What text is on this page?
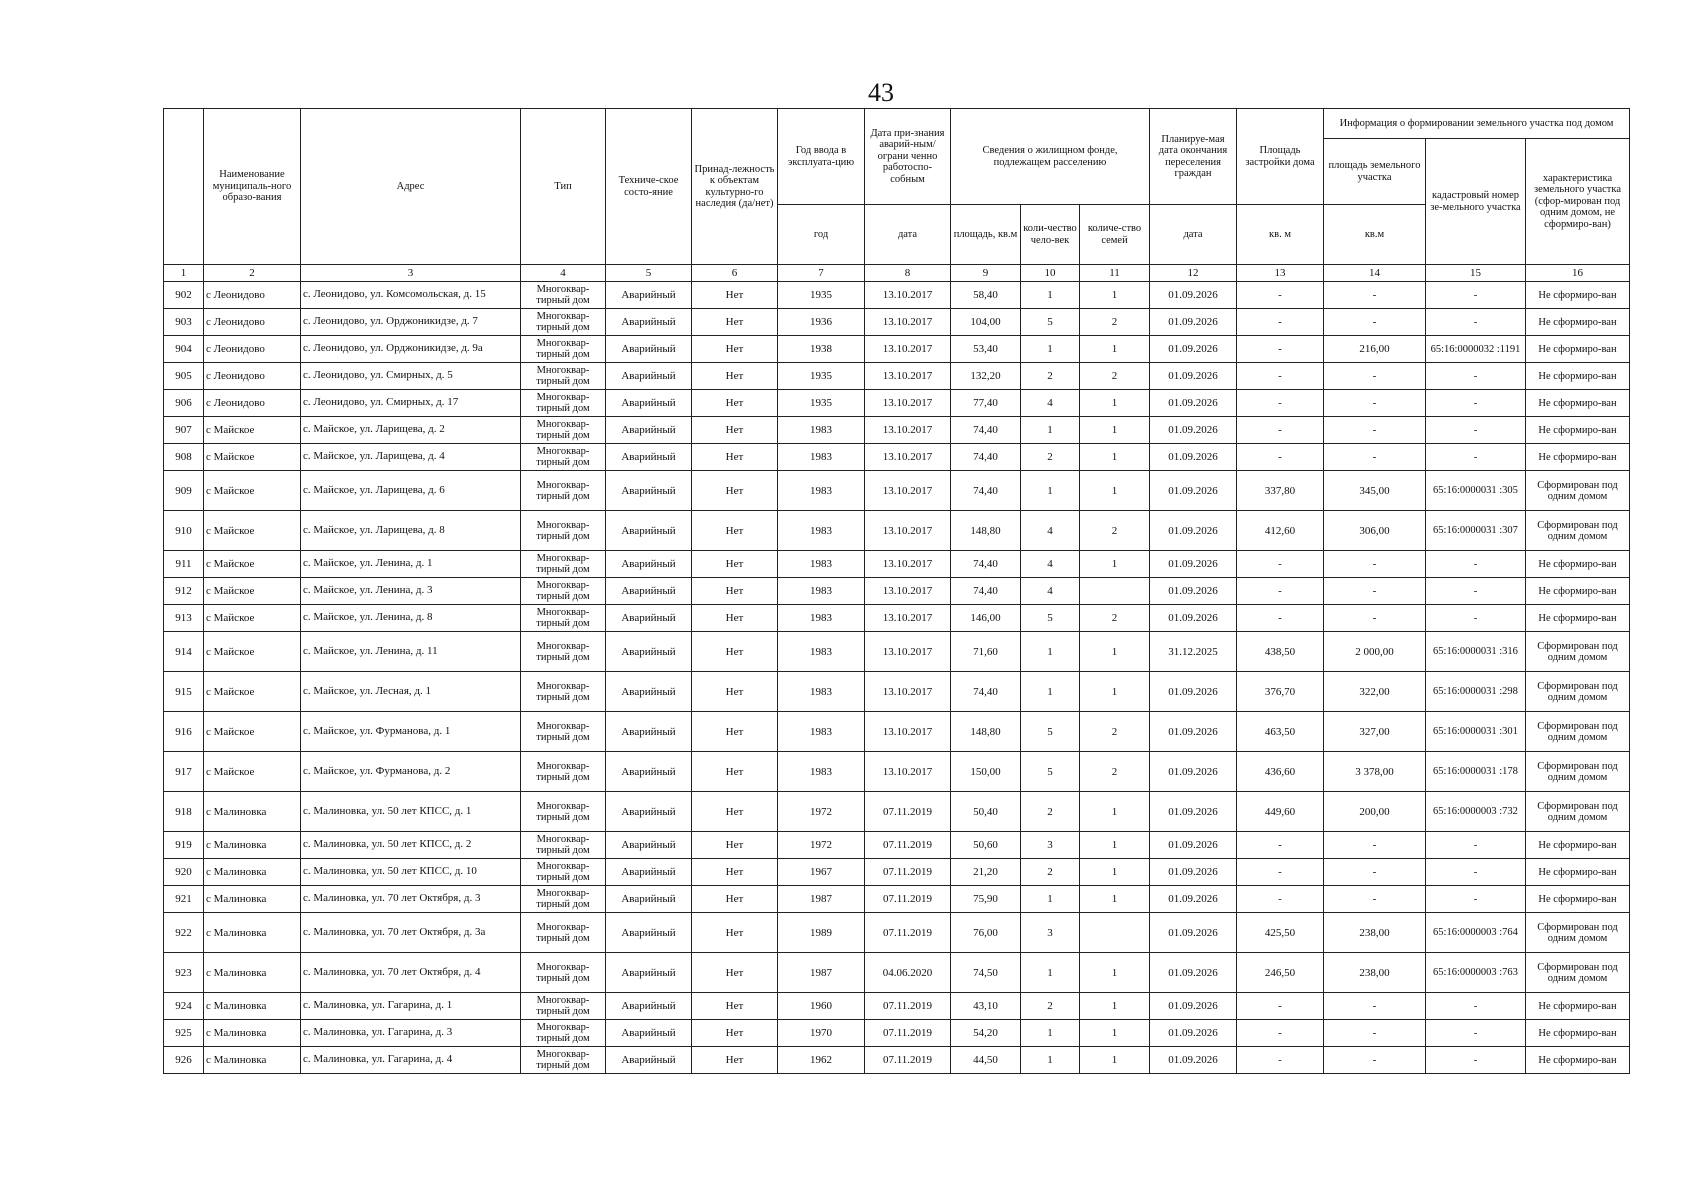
43
	Наименование муниципаль-ного образо-вания	Адрес	Тип	Техниче-ское состо-яние	Принад-лежность к объектам культурно-го наследия (да/нет)	Год ввода в эксплуата-цию	Дата при-знания аварий-ным/ограни ченно работоспо-собным	Сведения о жилищном фонде, подлежащем расселению			Планируе-мая дата окончания переселения граждан	Площадь застройки дома	Информация о формировании земельного участка под домом		
													площадь земельного участка	кадастровый номер зе-мельного участка	характеристика земельного участка (сфор-мирован под одним домом, не сформиро-ван)
						год	дата	площадь, кв.м	коли-чество чело-век	количе-ство семей	дата	кв. м	кв.м		
1	2	3	4	5	6	7	8	9	10	11	12	13	14	15	16
902	с Леонидово	с. Леонидово, ул. Комсомольская, д. 15	Многоквар-тирный дом	Аварийный	Нет	1935	13.10.2017	58,40	1	1	01.09.2026	-	-	-	Не сформиро-ван
903	с Леонидово	с. Леонидово, ул. Орджоникидзе, д. 7	Многоквар-тирный дом	Аварийный	Нет	1936	13.10.2017	104,00	5	2	01.09.2026	-	-	-	Не сформиро-ван
904	с Леонидово	с. Леонидово, ул. Орджоникидзе, д. 9а	Многоквар-тирный дом	Аварийный	Нет	1938	13.10.2017	53,40	1	1	01.09.2026	-	216,00	65:16:0000032 :1191	Не сформиро-ван
905	с Леонидово	с. Леонидово, ул. Смирных, д. 5	Многоквар-тирный дом	Аварийный	Нет	1935	13.10.2017	132,20	2	2	01.09.2026	-	-	-	Не сформиро-ван
906	с Леонидово	с. Леонидово, ул. Смирных, д. 17	Многоквар-тирный дом	Аварийный	Нет	1935	13.10.2017	77,40	4	1	01.09.2026	-	-	-	Не сформиро-ван
907	с Майское	с. Майское, ул. Ларищева, д. 2	Многоквар-тирный дом	Аварийный	Нет	1983	13.10.2017	74,40	1	1	01.09.2026	-	-	-	Не сформиро-ван
908	с Майское	с. Майское, ул. Ларищева, д. 4	Многоквар-тирный дом	Аварийный	Нет	1983	13.10.2017	74,40	2	1	01.09.2026	-	-	-	Не сформиро-ван
909	с Майское	с. Майское, ул. Ларищева, д. 6	Многоквар-тирный дом	Аварийный	Нет	1983	13.10.2017	74,40	1	1	01.09.2026	337,80	345,00	65:16:0000031 :305	Сформирован под одним домом
910	с Майское	с. Майское, ул. Ларищева, д. 8	Многоквар-тирный дом	Аварийный	Нет	1983	13.10.2017	148,80	4	2	01.09.2026	412,60	306,00	65:16:0000031 :307	Сформирован под одним домом
911	с Майское	с. Майское, ул. Ленина, д. 1	Многоквар-тирный дом	Аварийный	Нет	1983	13.10.2017	74,40	4	1	01.09.2026	-	-	-	Не сформиро-ван
912	с Майское	с. Майское, ул. Ленина, д. 3	Многоквар-тирный дом	Аварийный	Нет	1983	13.10.2017	74,40	4		01.09.2026	-	-	-	Не сформиро-ван
913	с Майское	с. Майское, ул. Ленина, д. 8	Многоквар-тирный дом	Аварийный	Нет	1983	13.10.2017	146,00	5	2	01.09.2026	-	-	-	Не сформиро-ван
914	с Майское	с. Майское, ул. Ленина, д. 11	Многоквар-тирный дом	Аварийный	Нет	1983	13.10.2017	71,60	1	1	31.12.2025	438,50	2 000,00	65:16:0000031 :316	Сформирован под одним домом
915	с Майское	с. Майское, ул. Лесная, д. 1	Многоквар-тирный дом	Аварийный	Нет	1983	13.10.2017	74,40	1	1	01.09.2026	376,70	322,00	65:16:0000031 :298	Сформирован под одним домом
916	с Майское	с. Майское, ул. Фурманова, д. 1	Многоквар-тирный дом	Аварийный	Нет	1983	13.10.2017	148,80	5	2	01.09.2026	463,50	327,00	65:16:0000031 :301	Сформирован под одним домом
917	с Майское	с. Майское, ул. Фурманова, д. 2	Многоквар-тирный дом	Аварийный	Нет	1983	13.10.2017	150,00	5	2	01.09.2026	436,60	3 378,00	65:16:0000031 :178	Сформирован под одним домом
918	с Малиновка	с. Малиновка, ул. 50 лет КПСС, д. 1	Многоквар-тирный дом	Аварийный	Нет	1972	07.11.2019	50,40	2	1	01.09.2026	449,60	200,00	65:16:0000003 :732	Сформирован под одним домом
919	с Малиновка	с. Малиновка, ул. 50 лет КПСС, д. 2	Многоквар-тирный дом	Аварийный	Нет	1972	07.11.2019	50,60	3	1	01.09.2026	-	-	-	Не сформиро-ван
920	с Малиновка	с. Малиновка, ул. 50 лет КПСС, д. 10	Многоквар-тирный дом	Аварийный	Нет	1967	07.11.2019	21,20	2	1	01.09.2026	-	-	-	Не сформиро-ван
921	с Малиновка	с. Малиновка, ул. 70 лет Октября, д. 3	Многоквар-тирный дом	Аварийный	Нет	1987	07.11.2019	75,90	1	1	01.09.2026	-	-	-	Не сформиро-ван
922	с Малиновка	с. Малиновка, ул. 70 лет Октября, д. 3а	Многоквар-тирный дом	Аварийный	Нет	1989	07.11.2019	76,00	3		01.09.2026	425,50	238,00	65:16:0000003 :764	Сформирован под одним домом
923	с Малиновка	с. Малиновка, ул. 70 лет Октября, д. 4	Многоквар-тирный дом	Аварийный	Нет	1987	04.06.2020	74,50	1	1	01.09.2026	246,50	238,00	65:16:0000003 :763	Сформирован под одним домом
924	с Малиновка	с. Малиновка, ул. Гагарина, д. 1	Многоквар-тирный дом	Аварийный	Нет	1960	07.11.2019	43,10	2	1	01.09.2026	-	-	-	Не сформиро-ван
925	с Малиновка	с. Малиновка, ул. Гагарина, д. 3	Многоквар-тирный дом	Аварийный	Нет	1970	07.11.2019	54,20	1	1	01.09.2026	-	-	-	Не сформиро-ван
926	с Малиновка	с. Малиновка, ул. Гагарина, д. 4	Многоквар-тирный дом	Аварийный	Нет	1962	07.11.2019	44,50	1	1	01.09.2026	-	-	-	Не сформиро-ван
